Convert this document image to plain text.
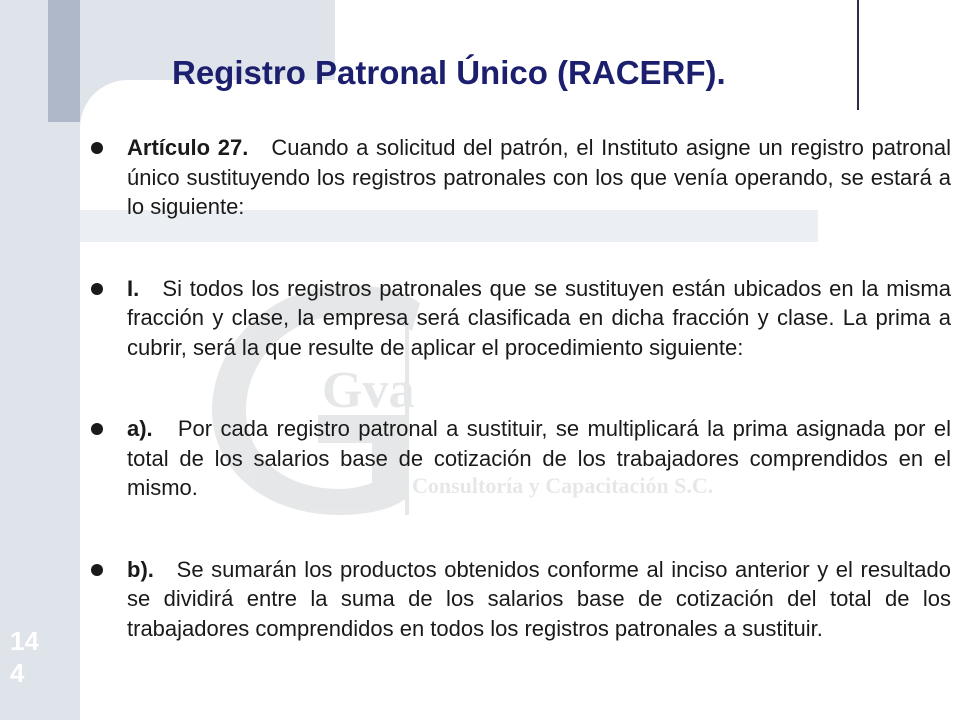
Gva
Consultoría y Capacitación S.C.
Registro Patronal Único (RACERF).
Artículo 27.   Cuando a solicitud del patrón, el Instituto asigne un registro patronal único sustituyendo los registros patronales con los que venía operando, se estará a lo siguiente:
I.   Si todos los registros patronales que se sustituyen están ubicados en la misma fracción y clase, la empresa será clasificada en dicha fracción y clase. La prima a cubrir, será la que resulte de aplicar el procedimiento siguiente:
a).   Por cada registro patronal a sustituir, se multiplicará la prima asignada por el total de los salarios base de cotización de los trabajadores comprendidos en el mismo.
b).   Se sumarán los productos obtenidos conforme al inciso anterior y el resultado se dividirá entre la suma de los salarios base de cotización del total de los trabajadores comprendidos en todos los registros patronales a sustituir.
14
4
